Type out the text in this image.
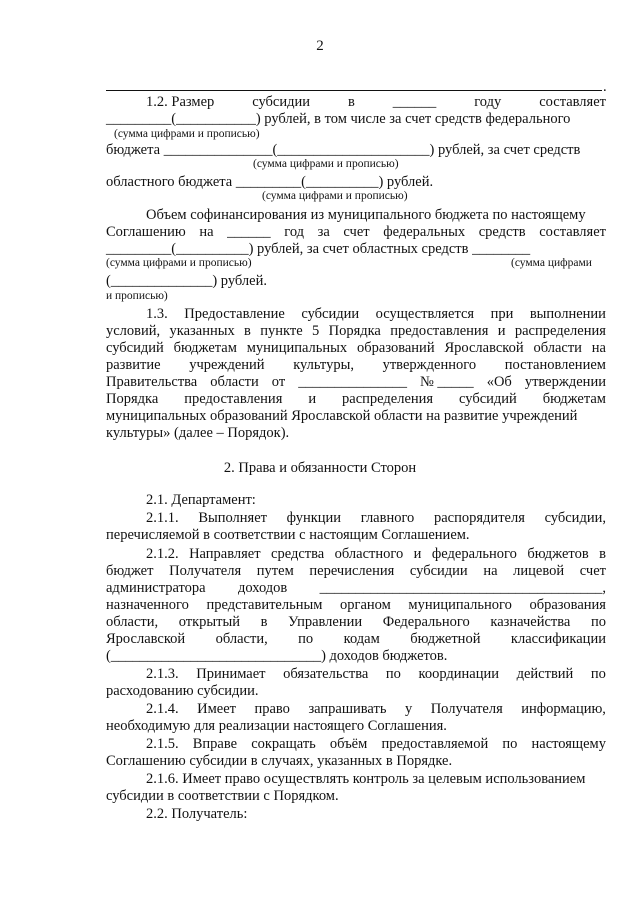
2
.
1.2. Размер	субсидии	в	______	году	составляет
_________(___________) рублей, в том числе за счет средств федерального
(сумма цифрами и прописью)
бюджета _______________(_____________________) рублей, за счет средств
(сумма цифрами и прописью)
областного бюджета _________(__________) рублей.
(сумма цифрами и прописью)
Объем софинансирования из муниципального бюджета по настоящему
Соглашению на ______ год за счет федеральных средств составляет
_________(__________) рублей, за счет областных средств ________
(сумма цифрами и прописью)	(сумма цифрами
(______________) рублей.
и прописью)
1.3. Предоставление субсидии осуществляется при выполнении
условий, указанных в пункте 5 Порядка предоставления и распределения
субсидий бюджетам муниципальных образований Ярославской области на
развитие учреждений культуры, утвержденного постановлением
Правительства области от _______________ № _____ «Об утверждении
Порядка предоставления и распределения субсидий бюджетам
муниципальных образований Ярославской области на развитие учреждений
культуры» (далее – Порядок).
2. Права и обязанности Сторон
2.1. Департамент:
2.1.1. Выполняет функции главного распорядителя субсидии,
перечисляемой в соответствии с настоящим Соглашением.
2.1.2. Направляет средства областного и федерального бюджетов в
бюджет Получателя путем перечисления субсидии на лицевой счет
администратора доходов _______________________________________,
назначенного представительным органом муниципального образования
области, открытый в Управлении Федерального казначейства по
Ярославской области, по кодам бюджетной классификации
(_____________________________) доходов бюджетов.
2.1.3. Принимает обязательства по координации действий по
расходованию субсидии.
2.1.4. Имеет право запрашивать у Получателя информацию,
необходимую для реализации настоящего Соглашения.
2.1.5. Вправе сокращать объём предоставляемой по настоящему
Соглашению субсидии в случаях, указанных в Порядке.
2.1.6. Имеет право осуществлять контроль за целевым использованием
субсидии в соответствии с Порядком.
2.2. Получатель:
